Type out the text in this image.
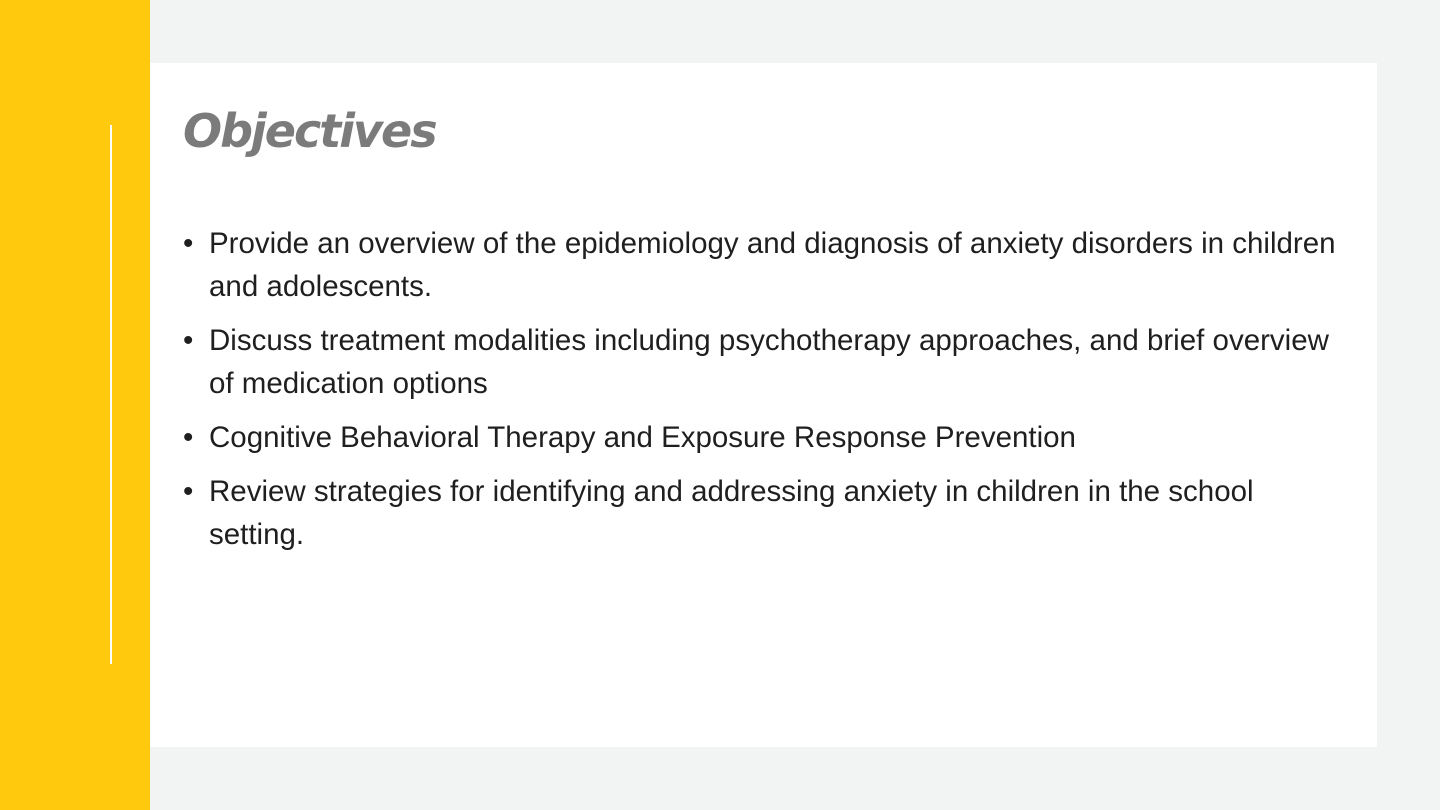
Objectives
• Provide an overview of the epidemiology and diagnosis of anxiety disorders in children and adolescents.
• Discuss treatment modalities including psychotherapy approaches, and brief overview of medication options
• Cognitive Behavioral Therapy and Exposure Response Prevention
• Review strategies for identifying and addressing anxiety in children in the school setting.
